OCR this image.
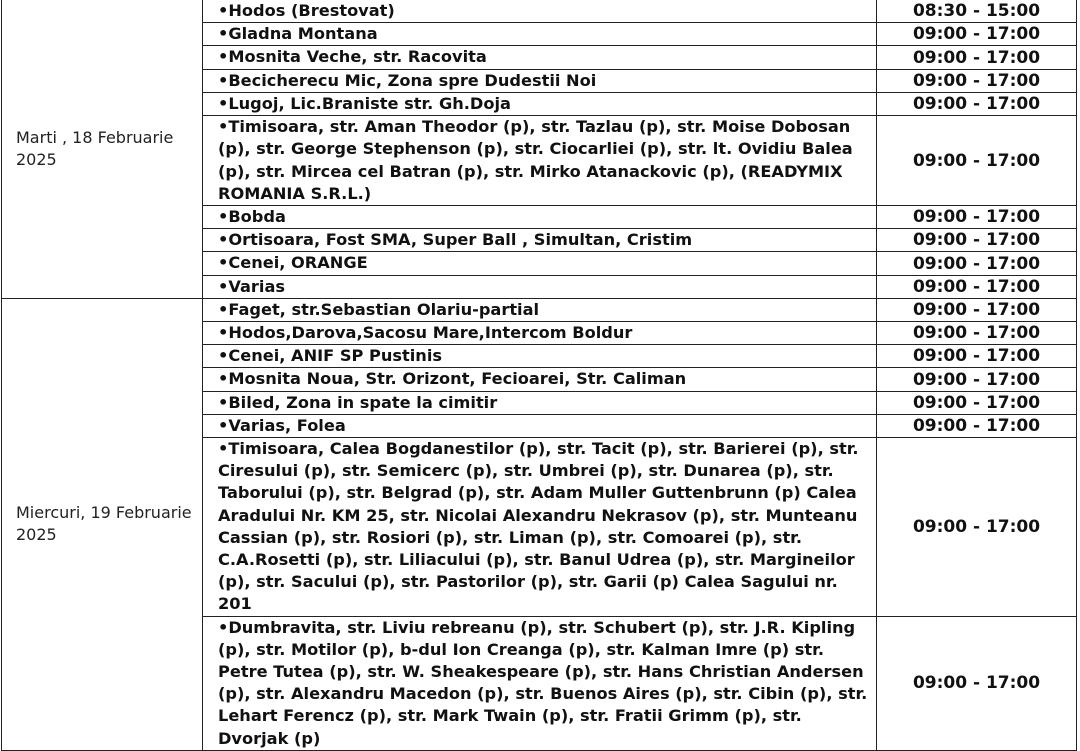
Marti , 18 Februarie 2025	•Hodos (Brestovat)	08:30 - 15:00
	•Gladna Montana	09:00 - 17:00
	•Mosnita Veche, str. Racovita	09:00 - 17:00
	•Becicherecu Mic, Zona spre Dudestii Noi	09:00 - 17:00
	•Lugoj, Lic.Braniste str. Gh.Doja	09:00 - 17:00
	•Timisoara, str. Aman Theodor (p), str. Tazlau (p), str. Moise Dobosan (p), str. George Stephenson (p), str. Ciocarliei (p), str. lt. Ovidiu Balea (p), str. Mircea cel Batran (p), str. Mirko Atanackovic (p), (READYMIX ROMANIA S.R.L.)	09:00 - 17:00
	•Bobda	09:00 - 17:00
	•Ortisoara, Fost SMA, Super Ball , Simultan, Cristim	09:00 - 17:00
	•Cenei, ORANGE	09:00 - 17:00
	•Varias	09:00 - 17:00
Miercuri, 19 Februarie 2025	•Faget, str.Sebastian Olariu-partial	09:00 - 17:00
	•Hodos,Darova,Sacosu Mare,Intercom Boldur	09:00 - 17:00
	•Cenei, ANIF SP Pustinis	09:00 - 17:00
	•Mosnita Noua, Str. Orizont, Fecioarei, Str. Caliman	09:00 - 17:00
	•Biled, Zona in spate la cimitir	09:00 - 17:00
	•Varias, Folea	09:00 - 17:00
	•Timisoara, Calea Bogdanestilor (p), str. Tacit (p), str. Barierei (p), str. Ciresului (p), str. Semicerc (p), str. Umbrei (p), str. Dunarea (p), str. Taborului (p), str. Belgrad (p), str. Adam Muller Guttenbrunn (p) Calea Aradului Nr. KM 25, str. Nicolai Alexandru Nekrasov (p), str. Munteanu Cassian (p), str. Rosiori (p), str. Liman (p), str. Comoarei (p), str. C.A.Rosetti (p), str. Liliacului (p), str. Banul Udrea (p), str. Margineilor (p), str. Sacului (p), str. Pastorilor (p), str. Garii (p) Calea Sagului nr. 201	09:00 - 17:00
	•Dumbravita, str. Liviu rebreanu (p), str. Schubert (p), str. J.R. Kipling (p), str. Motilor (p), b-dul Ion Creanga (p), str. Kalman Imre (p) str. Petre Tutea (p), str. W. Sheakespeare (p), str. Hans Christian Andersen (p), str. Alexandru Macedon (p), str. Buenos Aires (p), str. Cibin (p), str. Lehart Ferencz (p), str. Mark Twain (p), str. Fratii Grimm (p), str. Dvorjak (p)	09:00 - 17:00
